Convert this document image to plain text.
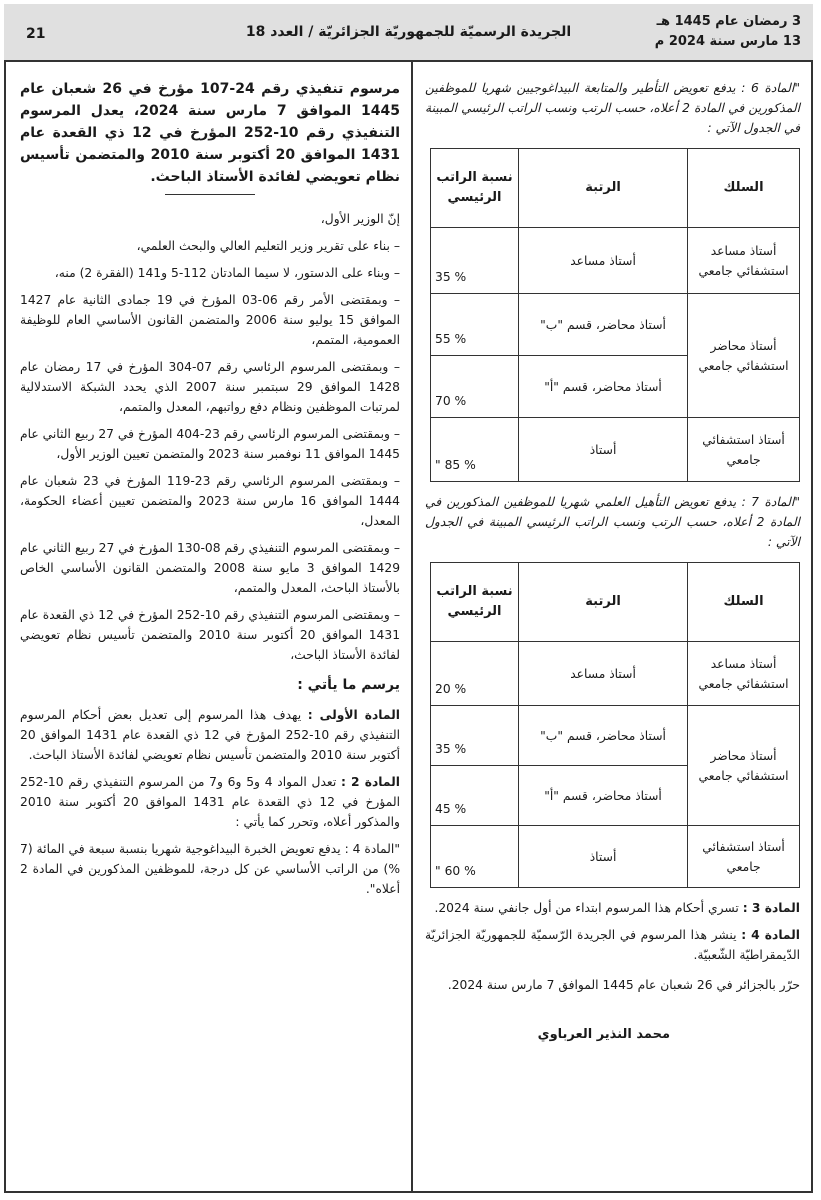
3 رمضان عام 1445 هـ
13 مارس سنة 2024 م
الجريدة الرسميّة للجمهوريّة الجزائريّة / العدد 18
21

"المادة 6 : يدفع تعويض التأطير والمتابعة البيداغوجيين شهريا للموظفين المذكورين في المادة 2 أعلاه، حسب الرتب ونسب الراتب الرئيسي المبينة في الجدول الآتي :

السلك	الرتبة	نسبة الراتب الرئيسي
أستاذ مساعد استشفائي جامعي	أستاذ مساعد	35 %
أستاذ محاضر استشفائي جامعي	أستاذ محاضر، قسم "ب"	55 %
	أستاذ محاضر، قسم "أ"	70 %
أستاذ استشفائي جامعي	أستاذ	" 85 %

"المادة 7 : يدفع تعويض التأهيل العلمي شهريا للموظفين المذكورين في المادة 2 أعلاه، حسب الرتب ونسب الراتب الرئيسي المبينة في الجدول الآتي :

السلك	الرتبة	نسبة الراتب الرئيسي
أستاذ مساعد استشفائي جامعي	أستاذ مساعد	20 %
أستاذ محاضر استشفائي جامعي	أستاذ محاضر، قسم "ب"	35 %
	أستاذ محاضر، قسم "أ"	45 %
أستاذ استشفائي جامعي	أستاذ	" 60 %

المادة 3 : تسري أحكام هذا المرسوم ابتداء من أول جانفي سنة 2024.

المادة 4 : ينشر هذا المرسوم في الجريدة الرّسميّة للجمهوريّة الجزائريّة الدّيمقراطيّة الشّعبيّة.

حرّر بالجزائر في 26 شعبان عام 1445 الموافق 7 مارس سنة 2024.

محمد النذير العرباوي

مرسوم تنفيذي رقم 24-107 مؤرخ في 26 شعبان عام 1445 الموافق 7 مارس سنة 2024، يعدل المرسوم التنفيذي رقم 10-252 المؤرخ في 12 ذي القعدة عام 1431 الموافق 20 أكتوبر سنة 2010 والمتضمن تأسيس نظام تعويضي لفائدة الأستاذ الباحث.

إنّ الوزير الأول،

– بناء على تقرير وزير التعليم العالي والبحث العلمي،

– وبناء على الدستور، لا سيما المادتان 112-5 و141 (الفقرة 2) منه،

– وبمقتضى الأمر رقم 06-03 المؤرخ في 19 جمادى الثانية عام 1427 الموافق 15 يوليو سنة 2006 والمتضمن القانون الأساسي العام للوظيفة العمومية، المتمم،

– وبمقتضى المرسوم الرئاسي رقم 07-304 المؤرخ في 17 رمضان عام 1428 الموافق 29 سبتمبر سنة 2007 الذي يحدد الشبكة الاستدلالية لمرتبات الموظفين ونظام دفع رواتبهم، المعدل والمتمم،

– وبمقتضى المرسوم الرئاسي رقم 23-404 المؤرخ في 27 ربيع الثاني عام 1445 الموافق 11 نوفمبر سنة 2023 والمتضمن تعيين الوزير الأول،

– وبمقتضى المرسوم الرئاسي رقم 23-119 المؤرخ في 23 شعبان عام 1444 الموافق 16 مارس سنة 2023 والمتضمن تعيين أعضاء الحكومة، المعدل،

– وبمقتضى المرسوم التنفيذي رقم 08-130 المؤرخ في 27 ربيع الثاني عام 1429 الموافق 3 مايو سنة 2008 والمتضمن القانون الأساسي الخاص بالأستاذ الباحث، المعدل والمتمم،

– وبمقتضى المرسوم التنفيذي رقم 10-252 المؤرخ في 12 ذي القعدة عام 1431 الموافق 20 أكتوبر سنة 2010 والمتضمن تأسيس نظام تعويضي لفائدة الأستاذ الباحث،

يرسم ما يأتي :

المادة الأولى : يهدف هذا المرسوم إلى تعديل بعض أحكام المرسوم التنفيذي رقم 10-252 المؤرخ في 12 ذي القعدة عام 1431 الموافق 20 أكتوبر سنة 2010 والمتضمن تأسيس نظام تعويضي لفائدة الأستاذ الباحث.

المادة 2 : تعدل المواد 4 و5 و6 و7 من المرسوم التنفيذي رقم 10-252 المؤرخ في 12 ذي القعدة عام 1431 الموافق 20 أكتوبر سنة 2010 والمذكور أعلاه، وتحرر كما يأتي :

"المادة 4 : يدفع تعويض الخبرة البيداغوجية شهريا بنسبة سبعة في المائة (7 %) من الراتب الأساسي عن كل درجة، للموظفين المذكورين في المادة 2 أعلاه".
